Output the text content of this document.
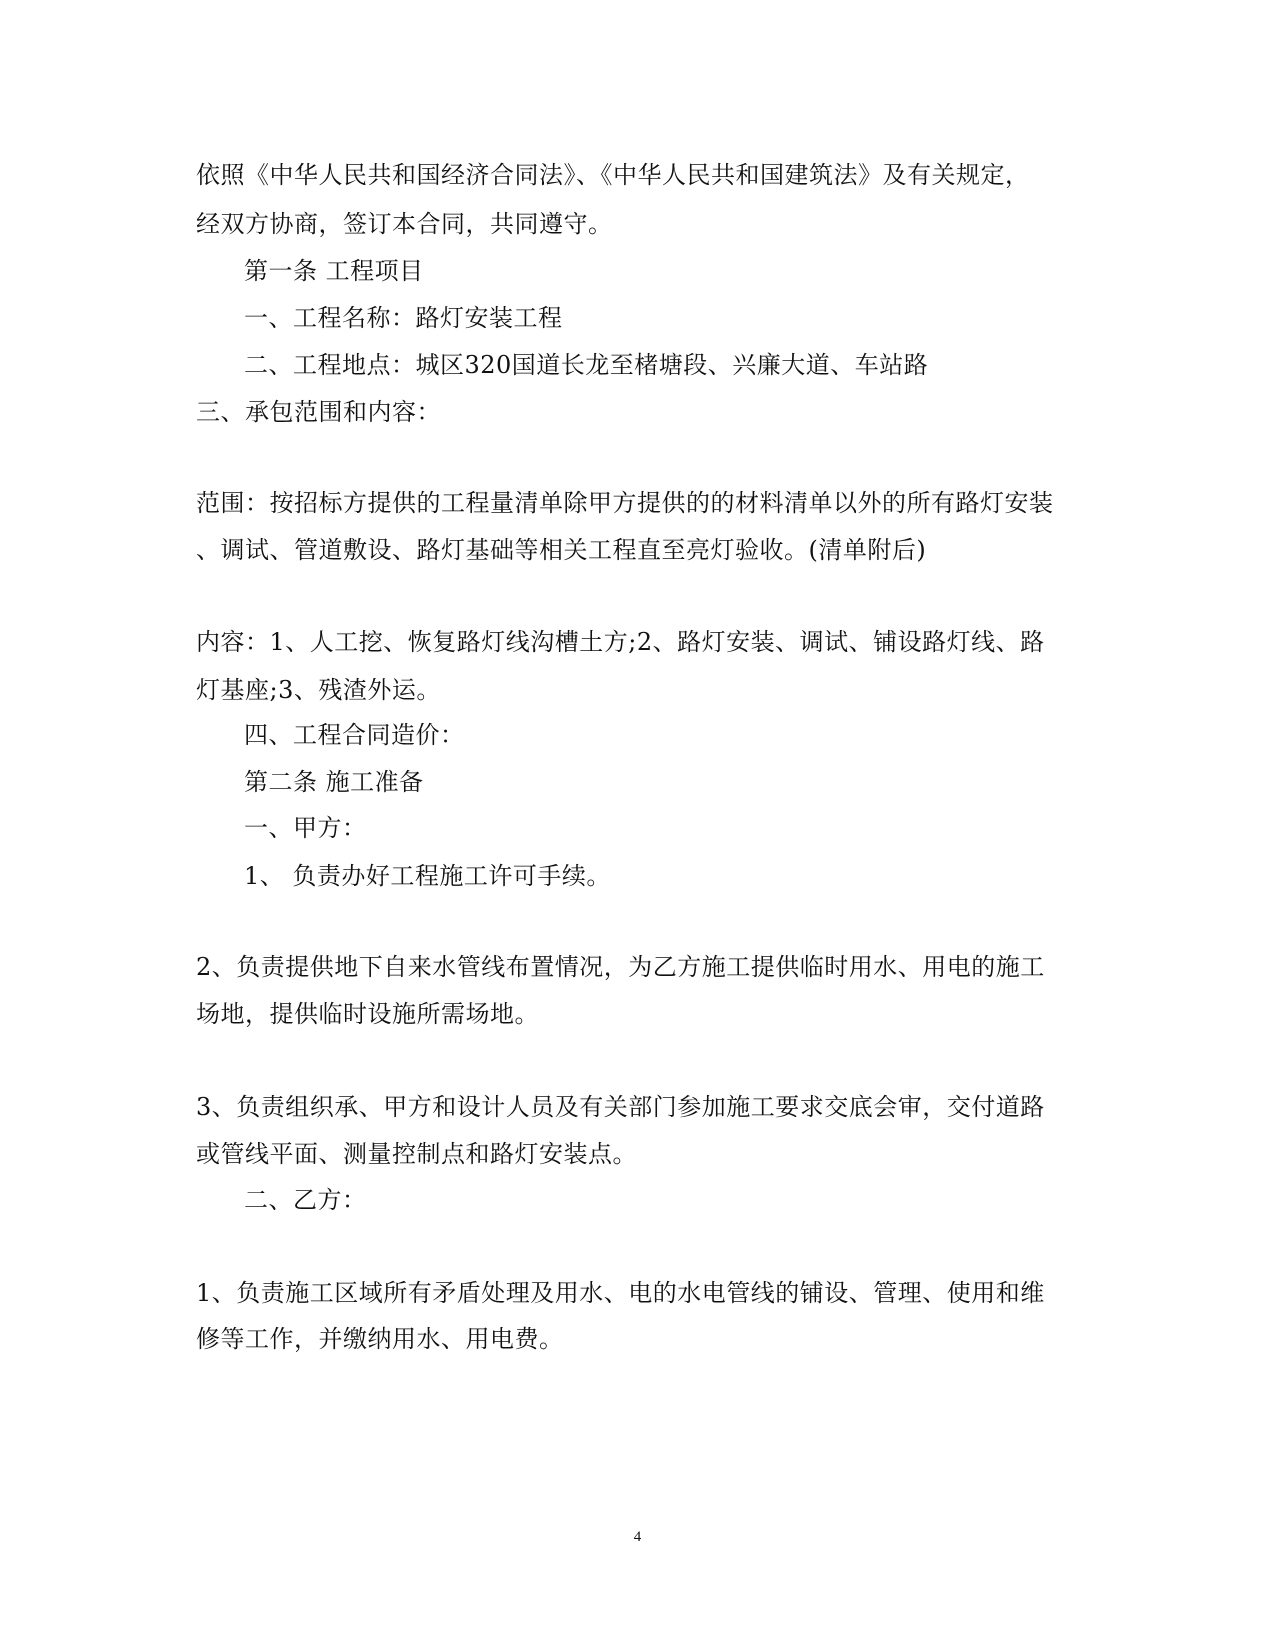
依照《中华人民共和国经济合同法》、《中华人民共和国建筑法》及有关规定，
经双方协商，签订本合同，共同遵守。
第一条 工程项目
一、工程名称：路灯安装工程
二、工程地点：城区320国道长龙至楮塘段、兴廉大道、车站路
三、承包范围和内容：
范围：按招标方提供的工程量清单除甲方提供的的材料清单以外的所有路灯安装
、调试、管道敷设、路灯基础等相关工程直至亮灯验收。(清单附后)
内容：1、人工挖、恢复路灯线沟槽土方;2、路灯安装、调试、铺设路灯线、路
灯基座;3、残渣外运。
四、工程合同造价：
第二条 施工准备
一、甲方：
1、 负责办好工程施工许可手续。
2、负责提供地下自来水管线布置情况，为乙方施工提供临时用水、用电的施工
场地，提供临时设施所需场地。
3、负责组织承、甲方和设计人员及有关部门参加施工要求交底会审，交付道路
或管线平面、测量控制点和路灯安装点。
二、乙方：
1、负责施工区域所有矛盾处理及用水、电的水电管线的铺设、管理、使用和维
修等工作，并缴纳用水、用电费。
4
